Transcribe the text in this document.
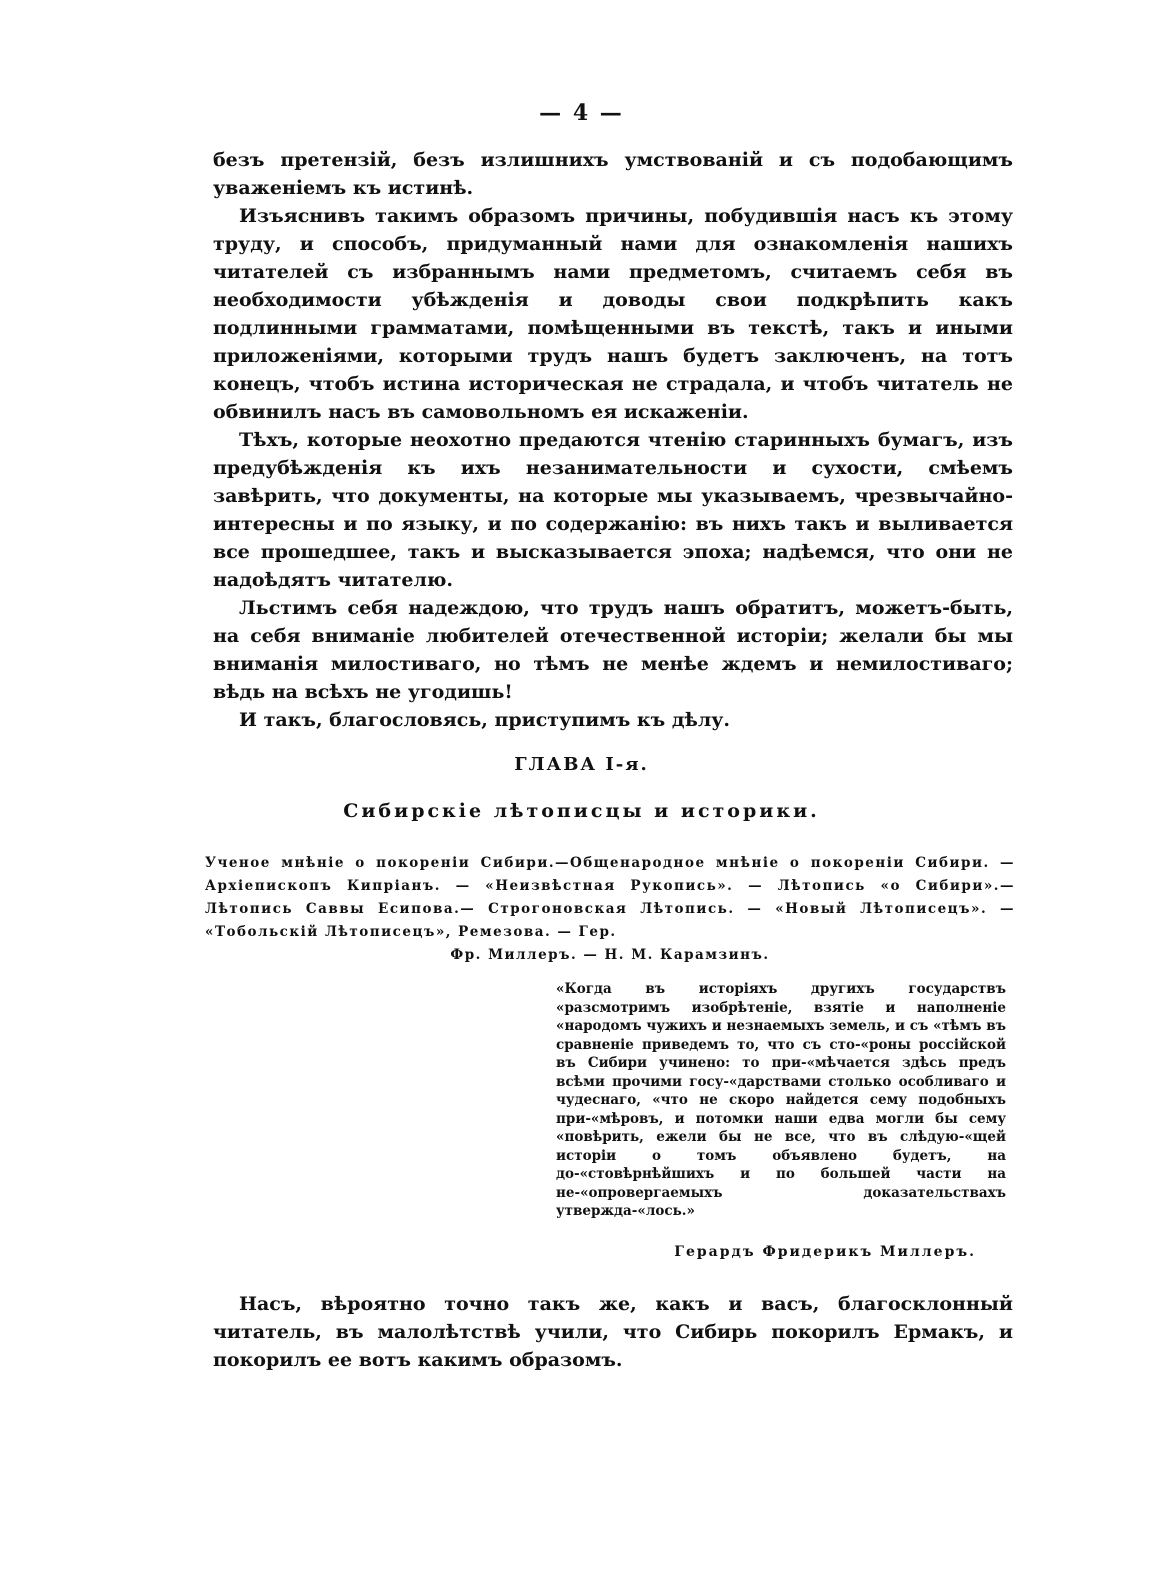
— 4 —

безъ претензій, безъ излишнихъ умствованій и съ подобающимъ уваженіемъ къ истинѣ.

Изъяснивъ такимъ образомъ причины, побудившія насъ къ этому труду, и способъ, придуманный нами для ознакомленія нашихъ читателей съ избраннымъ нами предметомъ, считаемъ себя въ необходимости убѣжденія и доводы свои подкрѣпить какъ подлинными грамматами, помѣщенными въ текстѣ, такъ и иными приложеніями, которыми трудъ нашъ будетъ заключенъ, на тотъ конецъ, чтобъ истина историческая не страдала, и чтобъ читатель не обвинилъ насъ въ самовольномъ ея искаженіи.

Тѣхъ, которые неохотно предаются чтенію старинныхъ бумагъ, изъ предубѣжденія къ ихъ незанимательности и сухости, смѣемъ завѣрить, что документы, на которые мы указываемъ, чрезвычайно-интересны и по языку, и по содержанію: въ нихъ такъ и выливается все прошедшее, такъ и высказывается эпоха; надѣемся, что они не надоѣдятъ читателю.

Льстимъ себя надеждою, что трудъ нашъ обратитъ, можетъ-быть, на себя вниманіе любителей отечественной исторіи; желали бы мы вниманія милостиваго, но тѣмъ не менѣе ждемъ и немилостиваго; вѣдь на всѣхъ не угодишь!

И такъ, благословясь, приступимъ къ дѣлу.

ГЛАВА I-я.
Сибирскіе лѣтописцы и историки.
Ученое мнѣніе о покореніи Сибири.—Общенародное мнѣніе о покореніи Сибири. — Архіепископъ Кипріанъ. — «Неизвѣстная Рукопись». — Лѣтопись «о Сибири».— Лѣтопись Саввы Есипова.— Строгоновская Лѣтопись. — «Новый Лѣтописецъ». — «Тобольскій Лѣтописецъ», Ремезова. — Гер.
Фр. Миллеръ. — Н. М. Карамзинъ.
«Когда въ исторіяхъ другихъ государствъ «разсмотримъ изобрѣтеніе, взятіе и наполненіе «народомъ чужихъ и незнаемыхъ земель, и съ «тѣмъ въ сравненіе приведемъ то, что съ сто-«роны россійской въ Сибири учинено: то при-«мѣчается здѣсь предъ всѣми прочими госу-«дарствами столько особливаго и чудеснаго, «что не скоро найдется сему подобныхъ при-«мѣровъ, и потомки наши едва могли бы сему «повѣрить, ежели бы не все, что въ слѣдую-«щей исторіи о томъ объявлено будетъ, на до-«стовѣрнѣйшихъ и по большей части на не-«опровергаемыхъ доказательствахъ утвержда-«лось.»
Герардъ Фридерикъ Миллеръ.

Насъ, вѣроятно точно такъ же, какъ и васъ, благосклонный читатель, въ малолѣтствѣ учили, что Сибирь покорилъ Ермакъ, и покорилъ ее вотъ какимъ образомъ.
